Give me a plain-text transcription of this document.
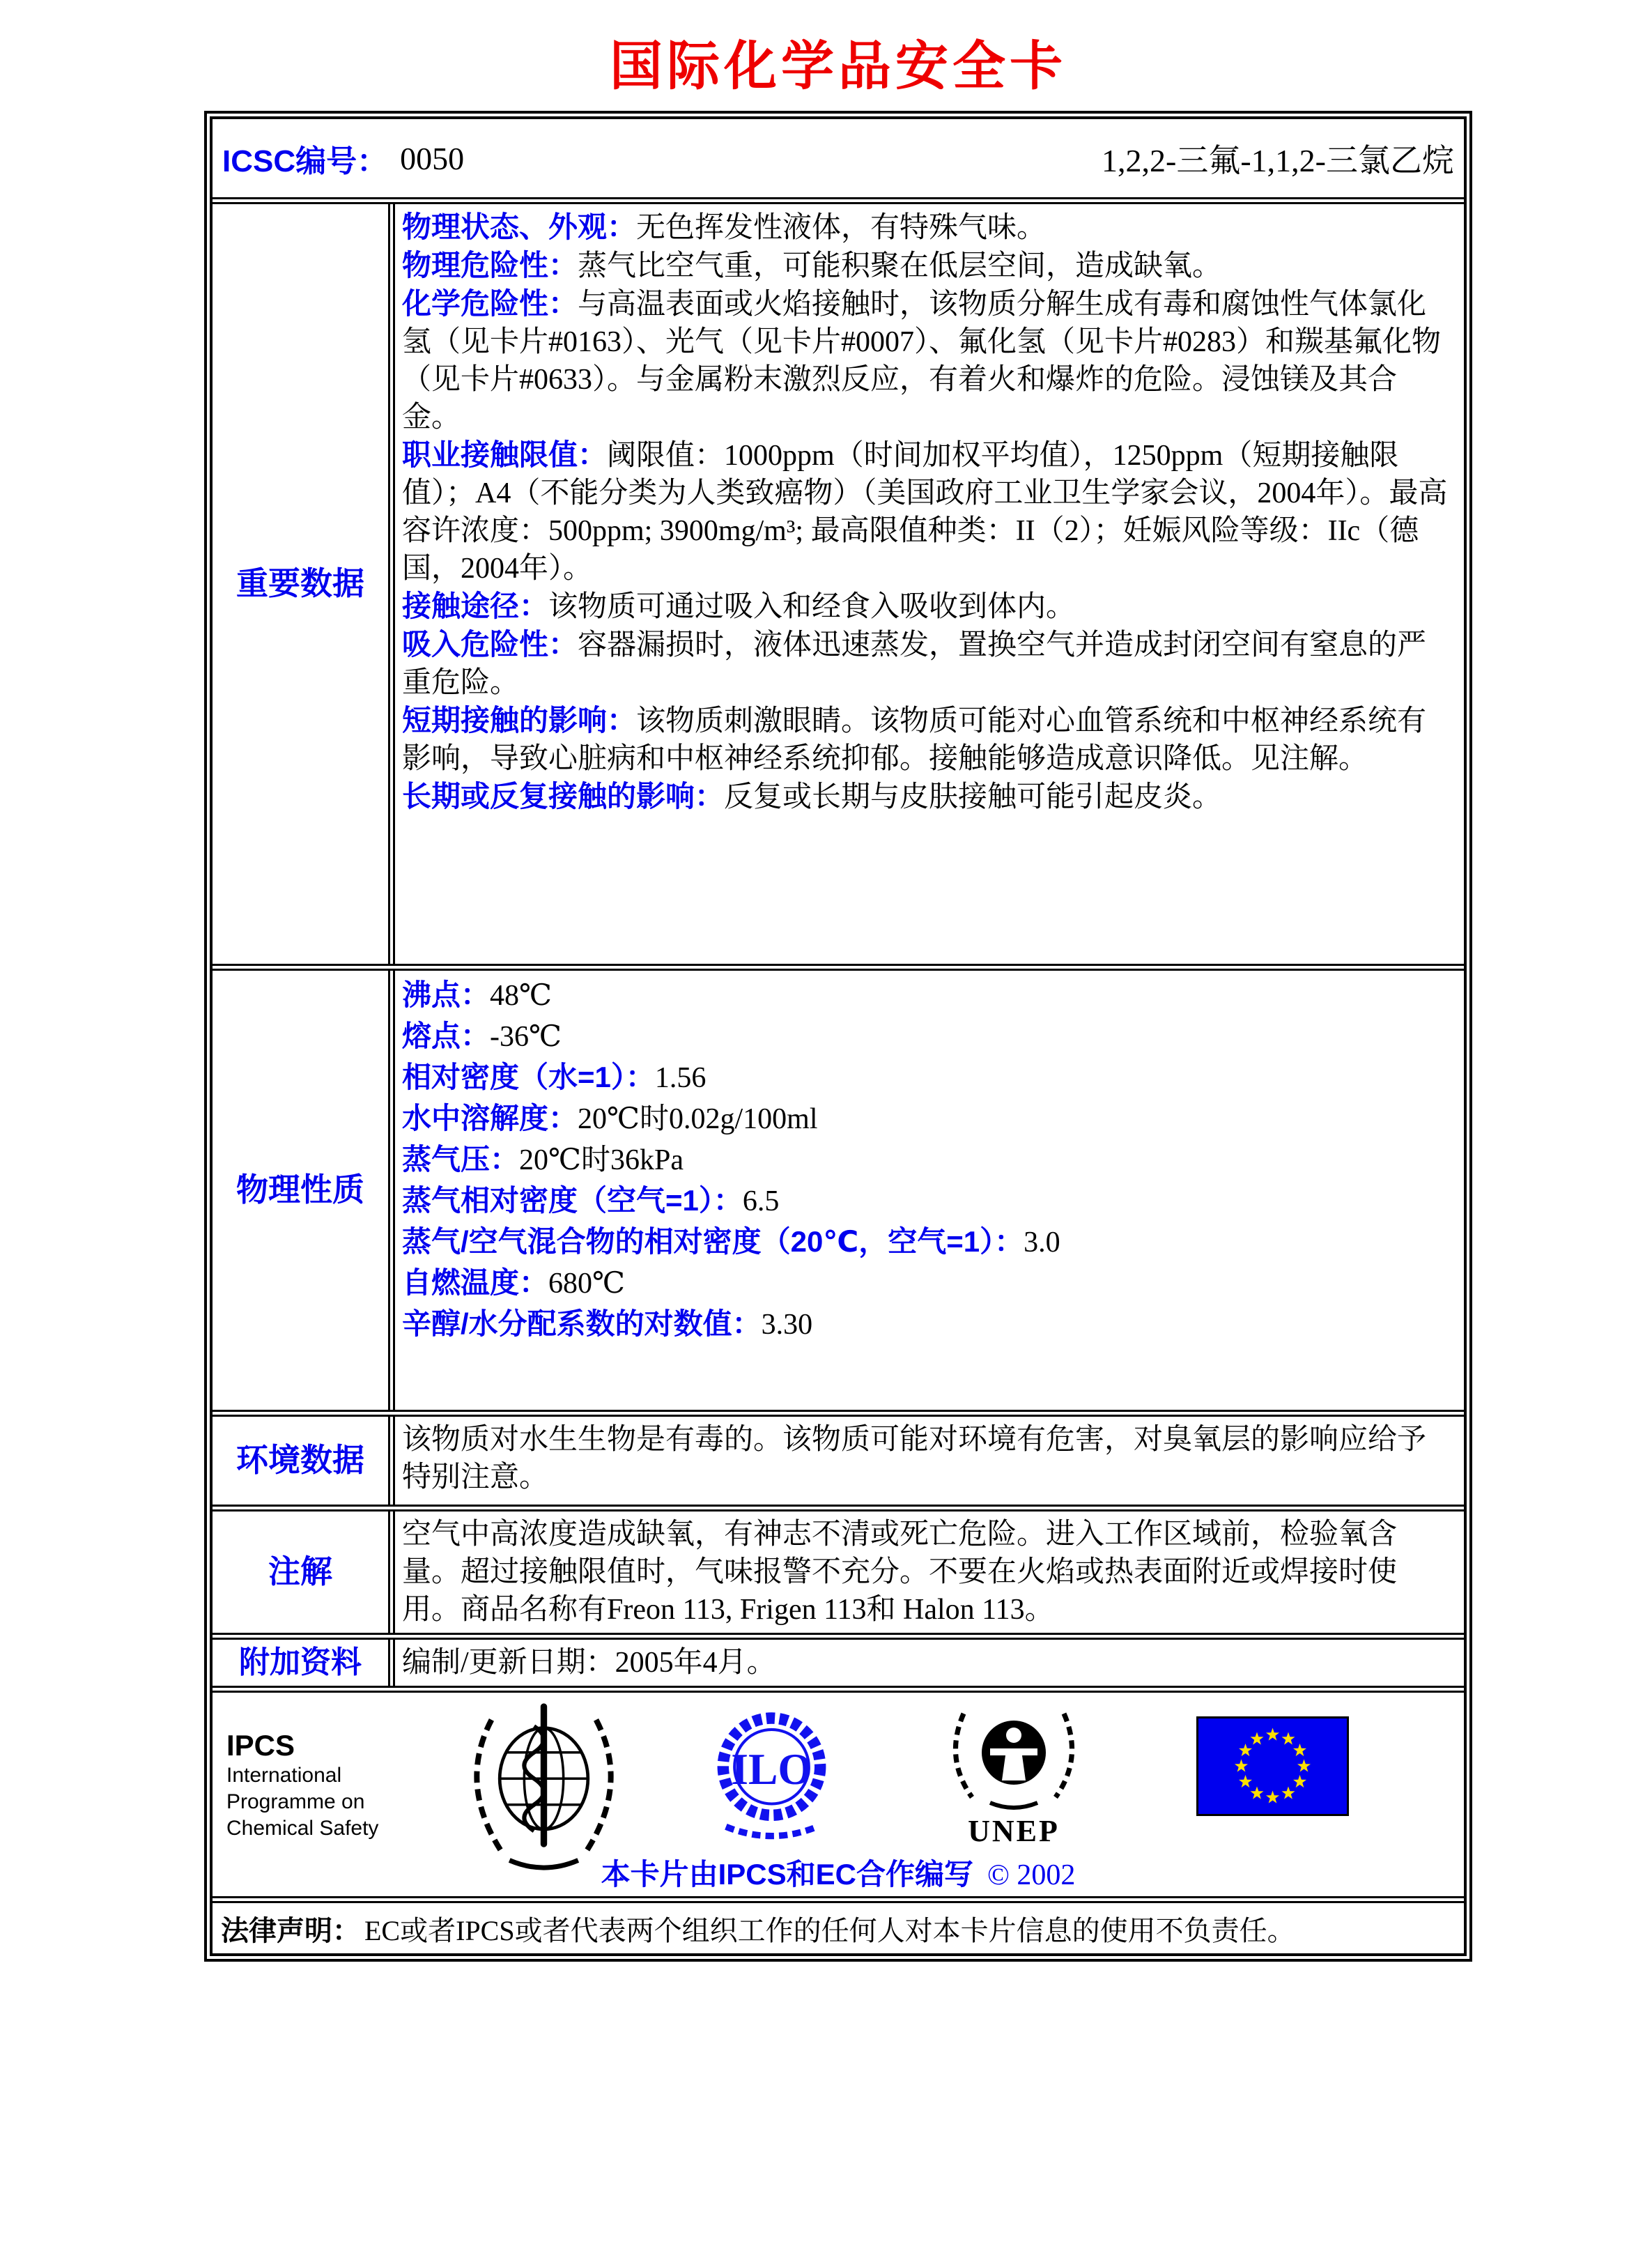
国际化学品安全卡
ICSC编号： 0050	1,2,2-三氟-1,1,2-三氯乙烷
重要数据

物理状态、外观：无色挥发性液体，有特殊气味。

物理危险性：蒸气比空气重，可能积聚在低层空间，造成缺氧。

化学危险性：与高温表面或火焰接触时，该物质分解生成有毒和腐蚀性气体氯化氢（见卡片#0163）、光气（见卡片#0007）、氟化氢（见卡片#0283）和羰基氟化物（见卡片#0633）。与金属粉末激烈反应，有着火和爆炸的危险。浸蚀镁及其合金。

职业接触限值：阈限值：1000ppm（时间加权平均值），1250ppm（短期接触限值）；A4（不能分类为人类致癌物）（美国政府工业卫生学家会议，2004年）。最高容许浓度：500ppm; 3900mg/m³; 最高限值种类：II（2）；妊娠风险等级：IIc（德国，2004年）。

接触途径：该物质可通过吸入和经食入吸收到体内。

吸入危险性：容器漏损时，液体迅速蒸发，置换空气并造成封闭空间有窒息的严重危险。

短期接触的影响：该物质刺激眼睛。该物质可能对心血管系统和中枢神经系统有影响，导致心脏病和中枢神经系统抑郁。接触能够造成意识降低。见注解。

长期或反复接触的影响：反复或长期与皮肤接触可能引起皮炎。

物理性质

沸点：48℃

熔点：-36℃

相对密度（水=1）：1.56

水中溶解度：20℃时0.02g/100ml

蒸气压：20℃时36kPa

蒸气相对密度（空气=1）：6.5

蒸气/空气混合物的相对密度（20℃，空气=1）：3.0

自燃温度：680℃

辛醇/水分配系数的对数值：3.30

环境数据

该物质对水生生物是有毒的。该物质可能对环境有危害，对臭氧层的影响应给予特别注意。

注解

空气中高浓度造成缺氧，有神志不清或死亡危险。进入工作区域前，检验氧含量。超过接触限值时，气味报警不充分。不要在火焰或热表面附近或焊接时使用。商品名称有Freon 113, Frigen 113和 Halon 113。

附加资料	编制/更新日期：2005年4月。

IPCS
International
Programme on
Chemical Safety
ILO
UNEP
本卡片由IPCS和EC合作编写 © 2002
法律声明： EC或者IPCS或者代表两个组织工作的任何人对本卡片信息的使用不负责任。
